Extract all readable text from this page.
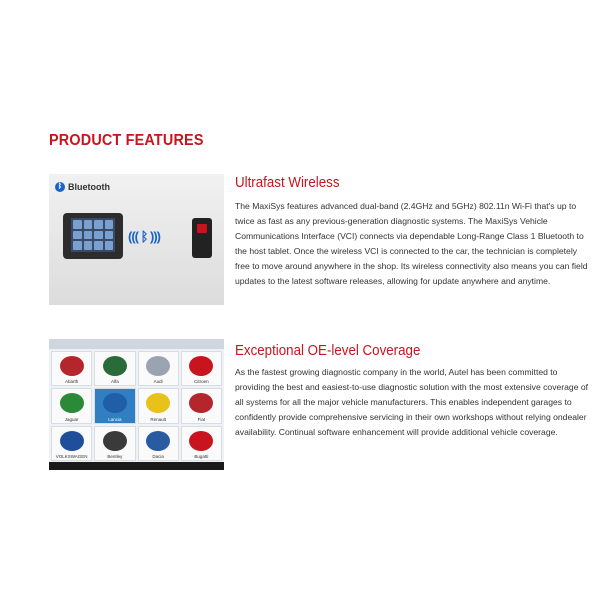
PRODUCT FEATURES
ᛒ Bluetooth
((( ᛒ )))
Ultrafast Wireless
The MaxiSys features advanced dual-band (2.4GHz and 5GHz) 802.11n Wi-Fi that's up to twice as fast as any previous-generation diagnostic systems. The MaxiSys Vehicle Communications Interface (VCI) connects via dependable Long-Range Class 1 Bluetooth to the host tablet. Once the wireless VCI is connected to the car, the technician is completely free to move around anywhere in the shop. Its wireless connectivity also means you can field updates to the latest software releases, allowing for update anywhere and anytime.
Abarth	Alfa	Audi	Citroen
Jaguar	Lancia	Renault	Fiat
VOLKSWAGEN	Bentley	Dacia	Bugatti
Exceptional OE-level Coverage
As the fastest growing diagnostic company in the world, Autel has been committed to providing the best and easiest-to-use diagnostic solution with the most extensive coverage of all systems for all the major vehicle manufacturers. This enables independent garages to confidently provide comprehensive servicing in their own workshops without relying ondealer availability. Continual software enhancement will provide additional vehicle coverage.
